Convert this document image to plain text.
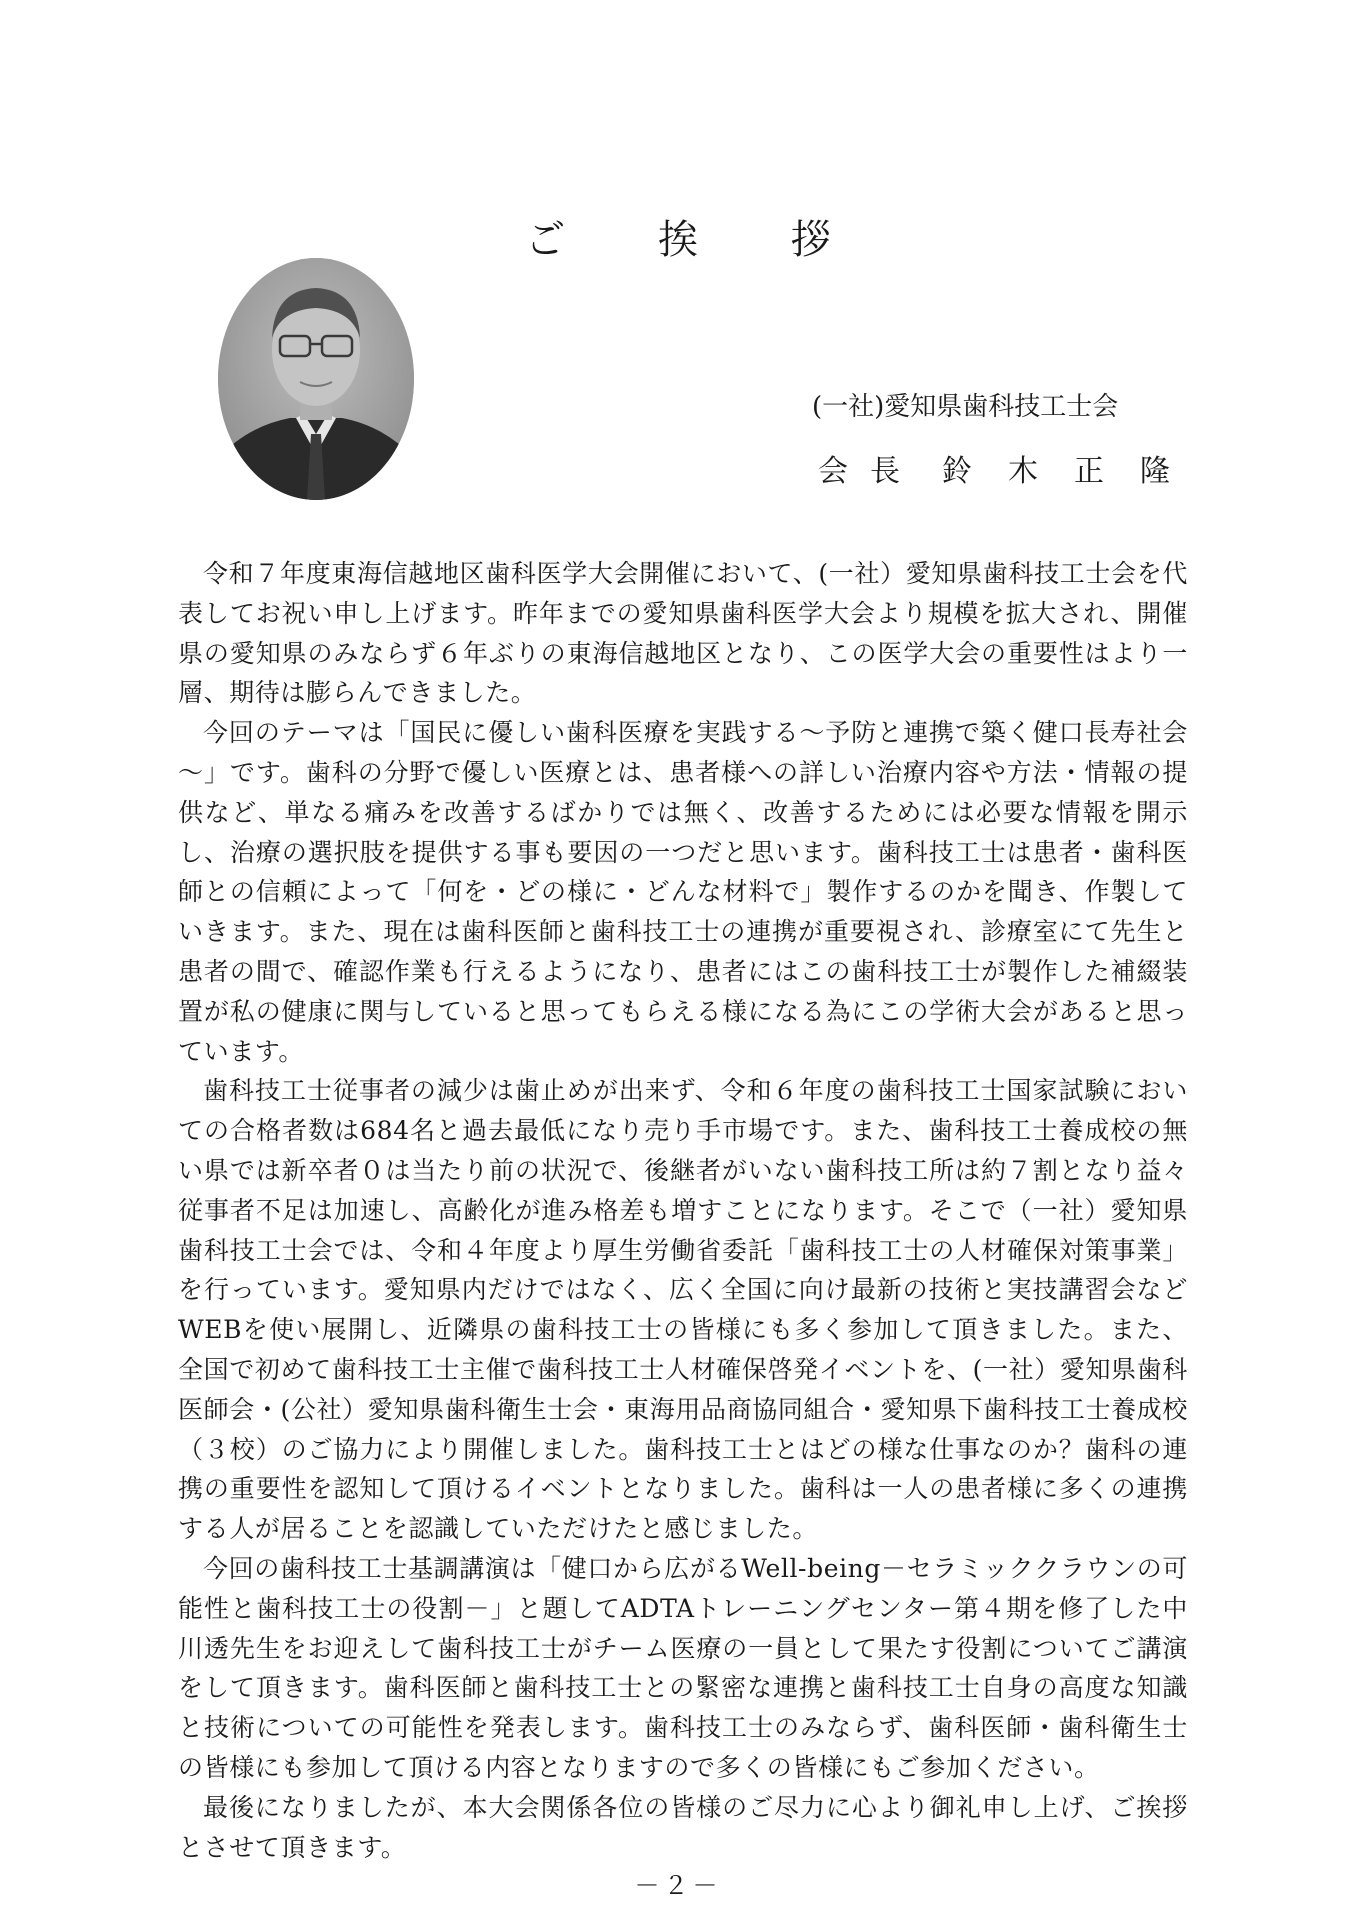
ご 挨 拶
(一社)愛知県歯科技工士会
会長 鈴木正隆

令和７年度東海信越地区歯科医学大会開催において、(一社）愛知県歯科技工士会を代表してお祝い申し上げます。昨年までの愛知県歯科医学大会より規模を拡大され、開催県の愛知県のみならず６年ぶりの東海信越地区となり、この医学大会の重要性はより一層、期待は膨らんできました。

今回のテーマは「国民に優しい歯科医療を実践する～予防と連携で築く健口長寿社会～」です。歯科の分野で優しい医療とは、患者様への詳しい治療内容や方法・情報の提供など、単なる痛みを改善するばかりでは無く、改善するためには必要な情報を開示し、治療の選択肢を提供する事も要因の一つだと思います。歯科技工士は患者・歯科医師との信頼によって「何を・どの様に・どんな材料で」製作するのかを聞き、作製していきます。また、現在は歯科医師と歯科技工士の連携が重要視され、診療室にて先生と患者の間で、確認作業も行えるようになり、患者にはこの歯科技工士が製作した補綴装置が私の健康に関与していると思ってもらえる様になる為にこの学術大会があると思っています。

歯科技工士従事者の減少は歯止めが出来ず、令和６年度の歯科技工士国家試験においての合格者数は684名と過去最低になり売り手市場です。また、歯科技工士養成校の無い県では新卒者０は当たり前の状況で、後継者がいない歯科技工所は約７割となり益々従事者不足は加速し、高齢化が進み格差も増すことになります。そこで（一社）愛知県歯科技工士会では、令和４年度より厚生労働省委託「歯科技工士の人材確保対策事業」を行っています。愛知県内だけではなく、広く全国に向け最新の技術と実技講習会などWEBを使い展開し、近隣県の歯科技工士の皆様にも多く参加して頂きました。また、全国で初めて歯科技工士主催で歯科技工士人材確保啓発イベントを、(一社）愛知県歯科医師会・(公社）愛知県歯科衛生士会・東海用品商協同組合・愛知県下歯科技工士養成校（３校）のご協力により開催しました。歯科技工士とはどの様な仕事なのか？歯科の連携の重要性を認知して頂けるイベントとなりました。歯科は一人の患者様に多くの連携する人が居ることを認識していただけたと感じました。

今回の歯科技工士基調講演は「健口から広がるWell-being－セラミッククラウンの可能性と歯科技工士の役割－」と題してADTAトレーニングセンター第４期を修了した中川透先生をお迎えして歯科技工士がチーム医療の一員として果たす役割についてご講演をして頂きます。歯科医師と歯科技工士との緊密な連携と歯科技工士自身の高度な知識と技術についての可能性を発表します。歯科技工士のみならず、歯科医師・歯科衛生士の皆様にも参加して頂ける内容となりますので多くの皆様にもご参加ください。

最後になりましたが、本大会関係各位の皆様のご尽力に心より御礼申し上げ、ご挨拶とさせて頂きます。

－２－
